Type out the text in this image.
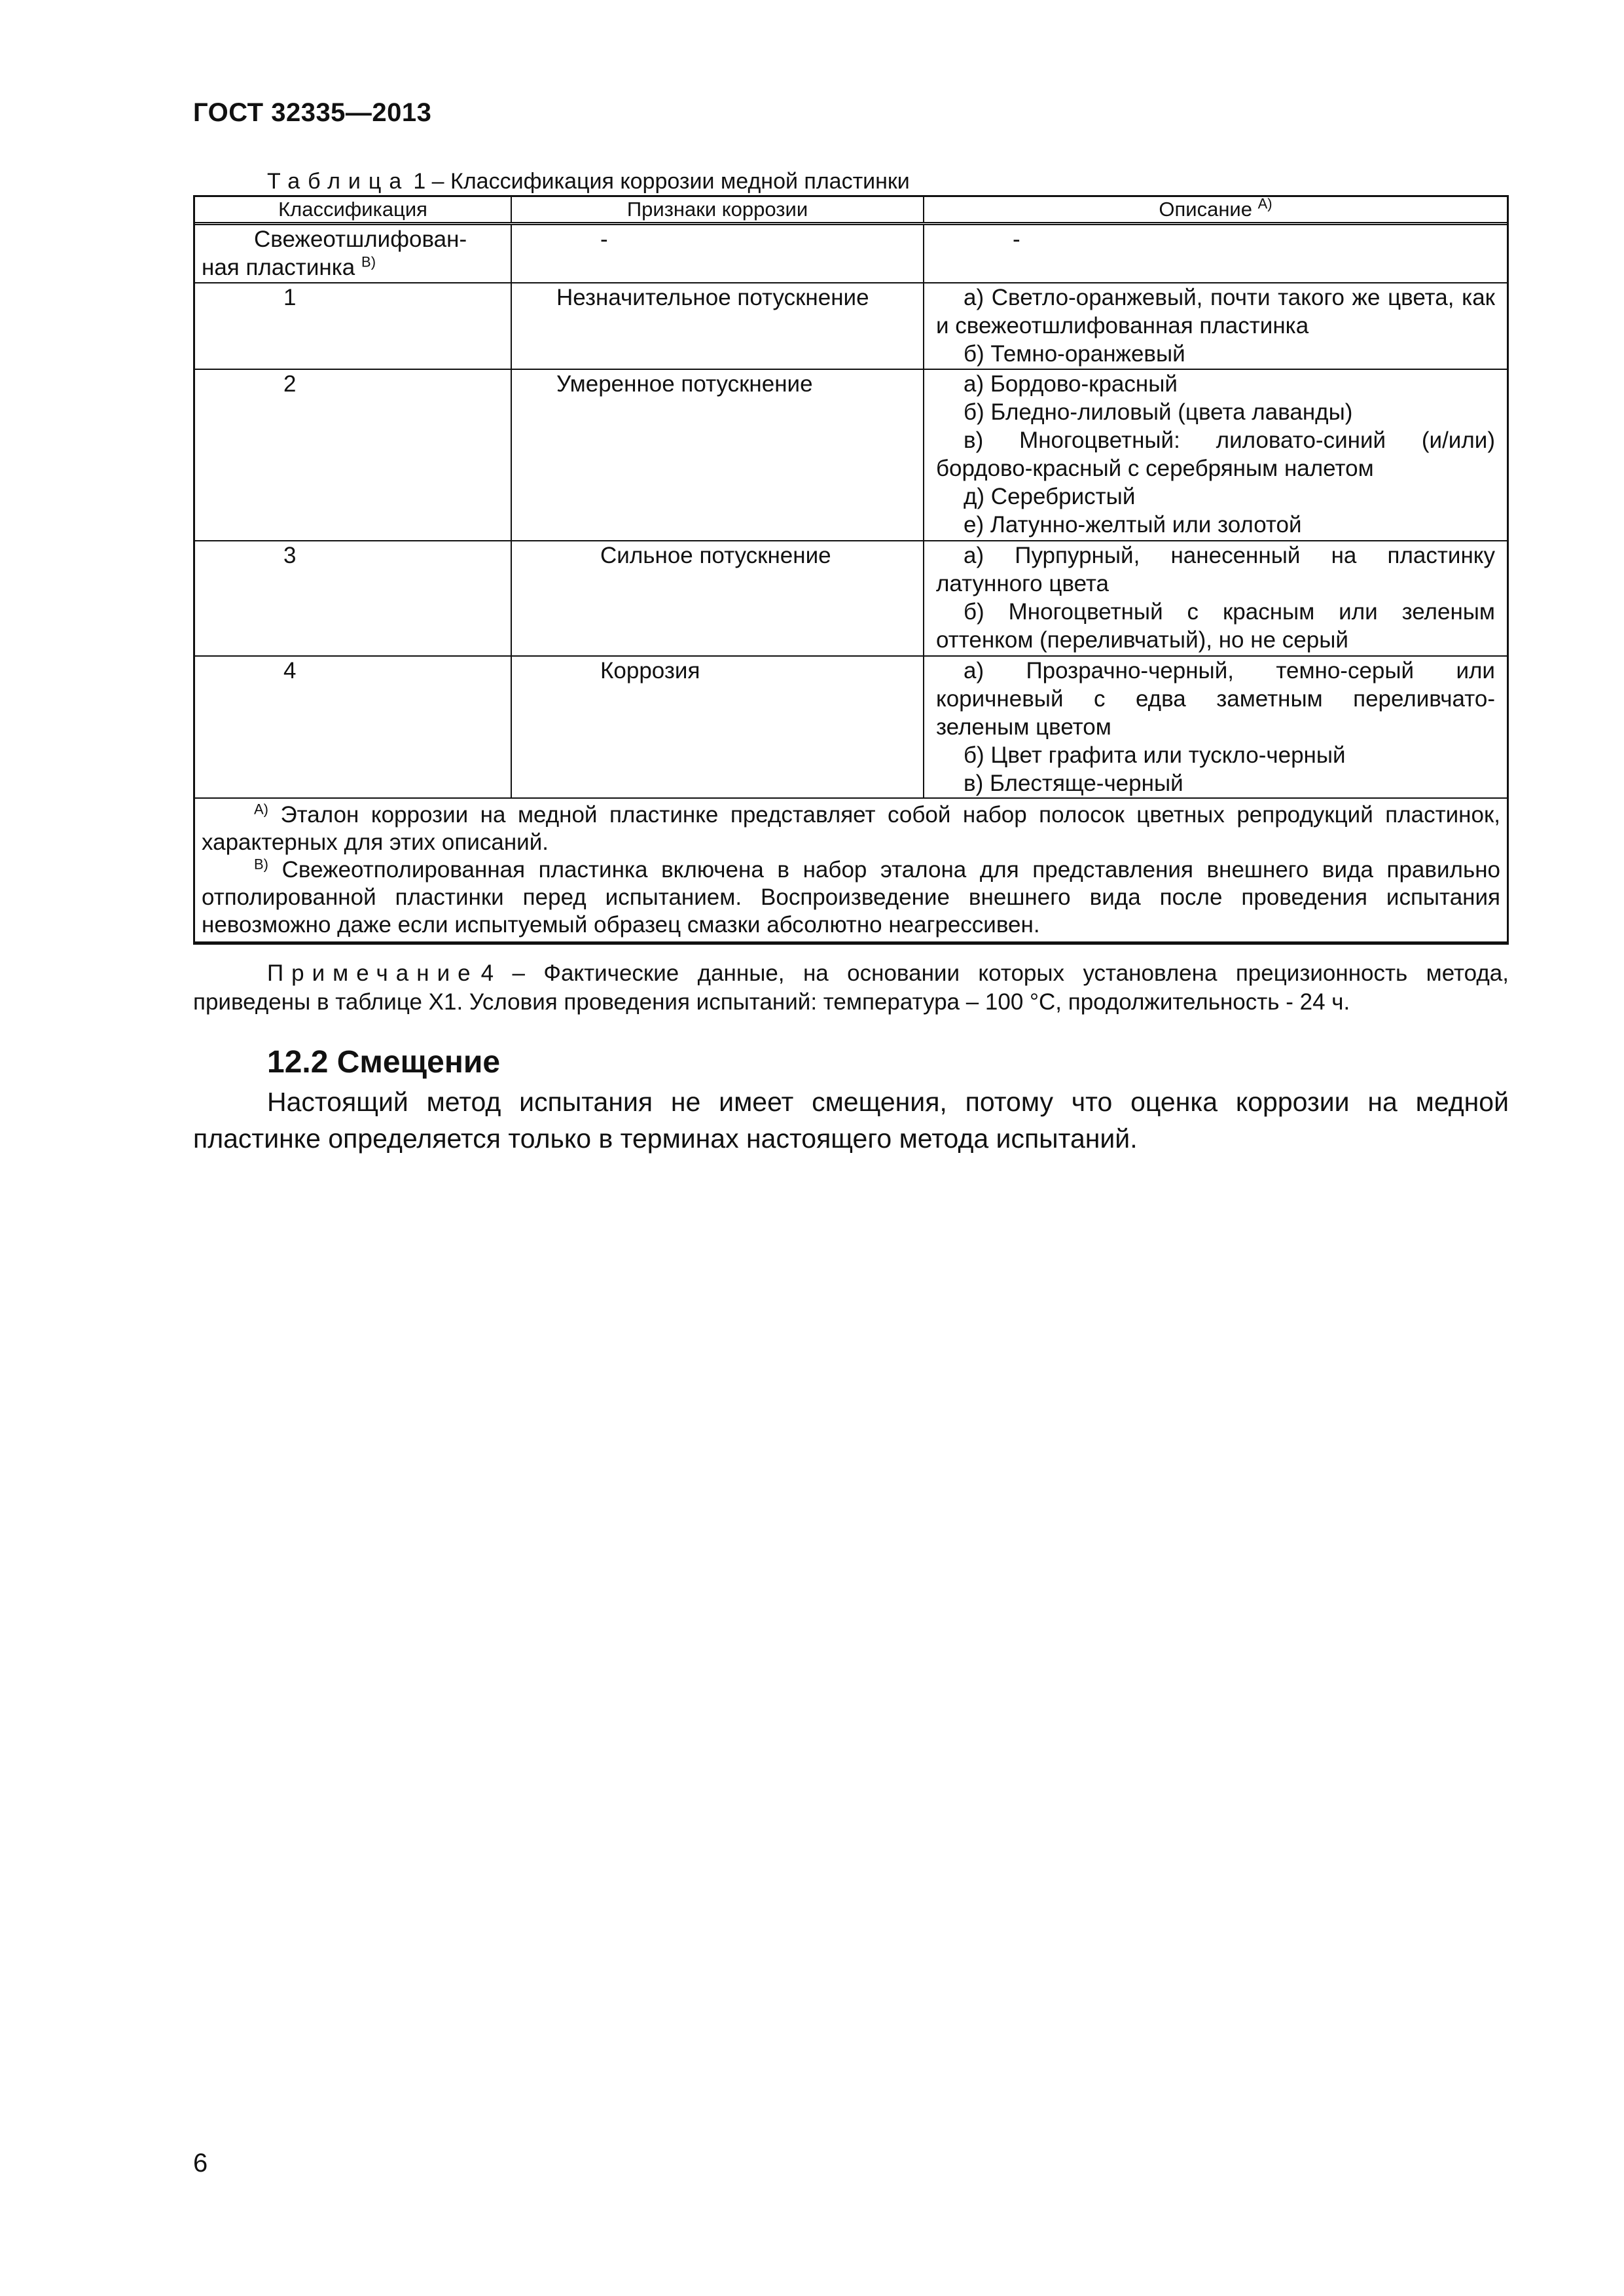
ГОСТ 32335—2013
Таблица 1 – Классификация коррозии медной пластинки
Классификация	Признаки коррозии	Описание $^{А)}$

Свежеотшлифован-
ная пластинка $^{В)}$	-	-
1	Незначительное потускнение	а) Светло-оранжевый, почти такого же цвета, как и свежеотшлифованная пластинка
б) Темно-оранжевый

2	Умеренное потускнение	а) Бордово-красный
б) Бледно-лиловый (цвета лаванды)
в) Многоцветный: лиловато-синий (и/или) бордово-красный с серебряным налетом
д) Серебристый
е) Латунно-желтый или золотой

3	Сильное потускнение	а) Пурпурный, нанесенный на пластинку латунного цвета
б) Многоцветный с красным или зеленым оттенком (переливчатый), но не серый

4	Коррозия	а) Прозрачно-черный, темно-серый или коричневый с едва заметным переливчато- зеленым цветом
б) Цвет графита или тускло-черный
в) Блестяще-черный

$^{А)}$ Эталон коррозии на медной пластинке представляет собой набор полосок цветных репродукций пластинок, характерных для этих описаний.
$^{В)}$ Свежеотполированная пластинка включена в набор эталона для представления внешнего вида правильно отполированной пластинки перед испытанием. Воспроизведение внешнего вида после проведения испытания невозможно даже если испытуемый образец смазки абсолютно неагрессивен.		
Примечание 4 – Фактические данные, на основании которых установлена прецизионность метода, приведены в таблице Х1. Условия проведения испытаний: температура – 100 °С, продолжительность - 24 ч.
12.2 Смещение
Настоящий метод испытания не имеет смещения, потому что оценка коррозии на медной пластинке определяется только в терминах настоящего метода испытаний.
6
